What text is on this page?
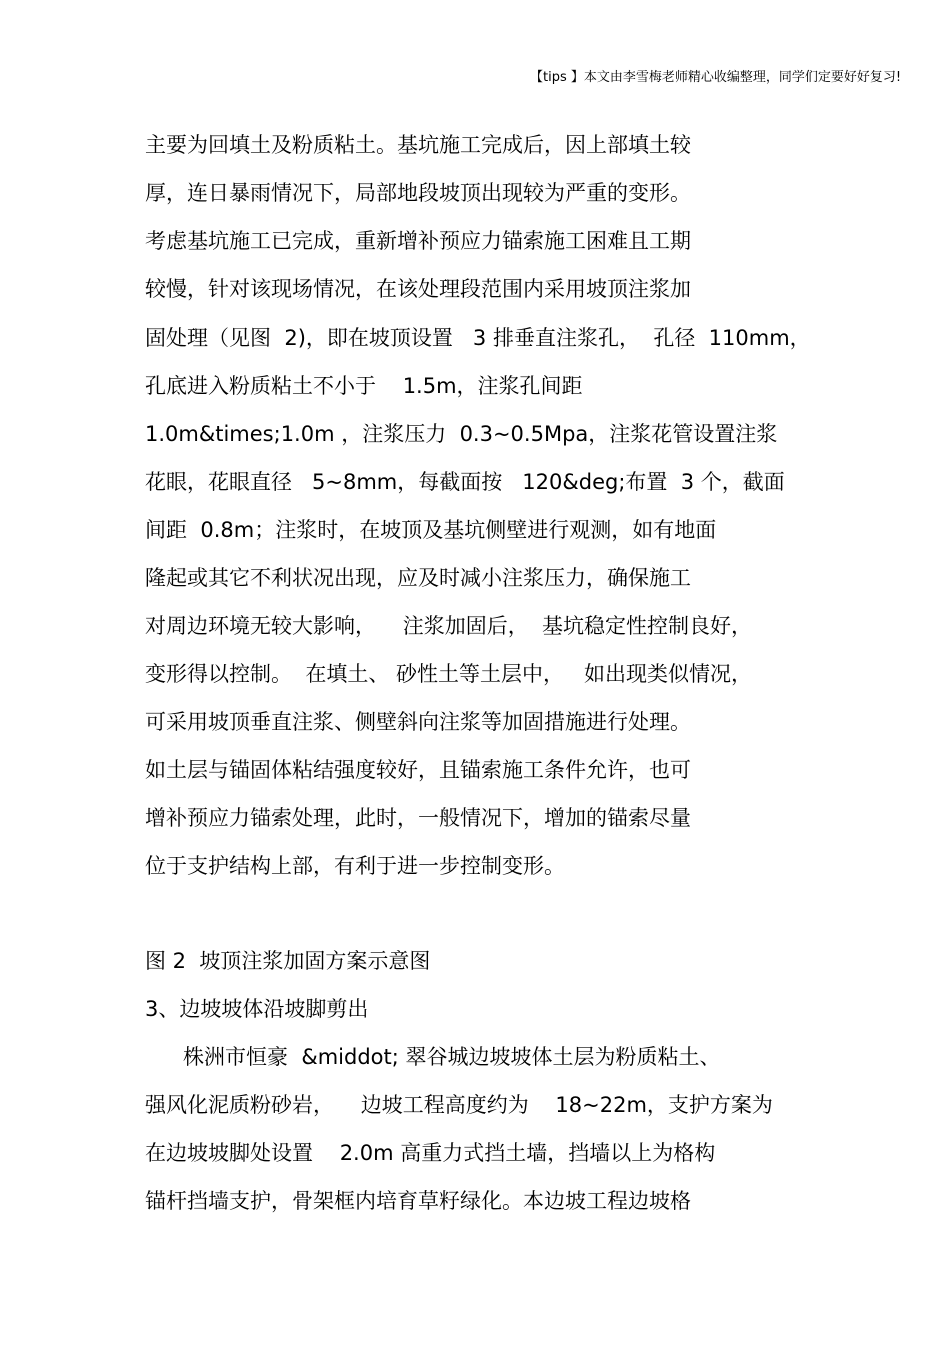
【tips 】本文由李雪梅老师精心收编整理，同学们定要好好复习!
主要为回填土及粉质粘土。基坑施工完成后，因上部填土较
厚，连日暴雨情况下，局部地段坡顶出现较为严重的变形。
考虑基坑施工已完成，重新增补预应力锚索施工困难且工期
较慢，针对该现场情况，在该处理段范围内采用坡顶注浆加
固处理（见图  2)，即在坡顶设置   3 排垂直注浆孔，  孔径  110mm，
孔底进入粉质粘土不小于    1.5m，注浆孔间距
1.0m&times;1.0m ，注浆压力  0.3~0.5Mpa，注浆花管设置注浆
花眼，花眼直径   5~8mm，每截面按   120&deg;布置  3 个，截面
间距  0.8m；注浆时，在坡顶及基坑侧壁进行观测，如有地面
隆起或其它不利状况出现，应及时减小注浆压力，确保施工
对周边环境无较大影响，    注浆加固后，  基坑稳定性控制良好，
变形得以控制。  在填土、 砂性土等土层中，   如出现类似情况，
可采用坡顶垂直注浆、侧壁斜向注浆等加固措施进行处理。
如土层与锚固体粘结强度较好，且锚索施工条件允许，也可
增补预应力锚索处理，此时，一般情况下，增加的锚索尽量
位于支护结构上部，有利于进一步控制变形。
图 2  坡顶注浆加固方案示意图
3、边坡坡体沿坡脚剪出
株洲市恒豪  &middot; 翠谷城边坡坡体土层为粉质粘土、
强风化泥质粉砂岩，    边坡工程高度约为    18~22m，支护方案为
在边坡坡脚处设置    2.0m 高重力式挡土墙，挡墙以上为格构
锚杆挡墙支护，骨架框内培育草籽绿化。本边坡工程边坡格
